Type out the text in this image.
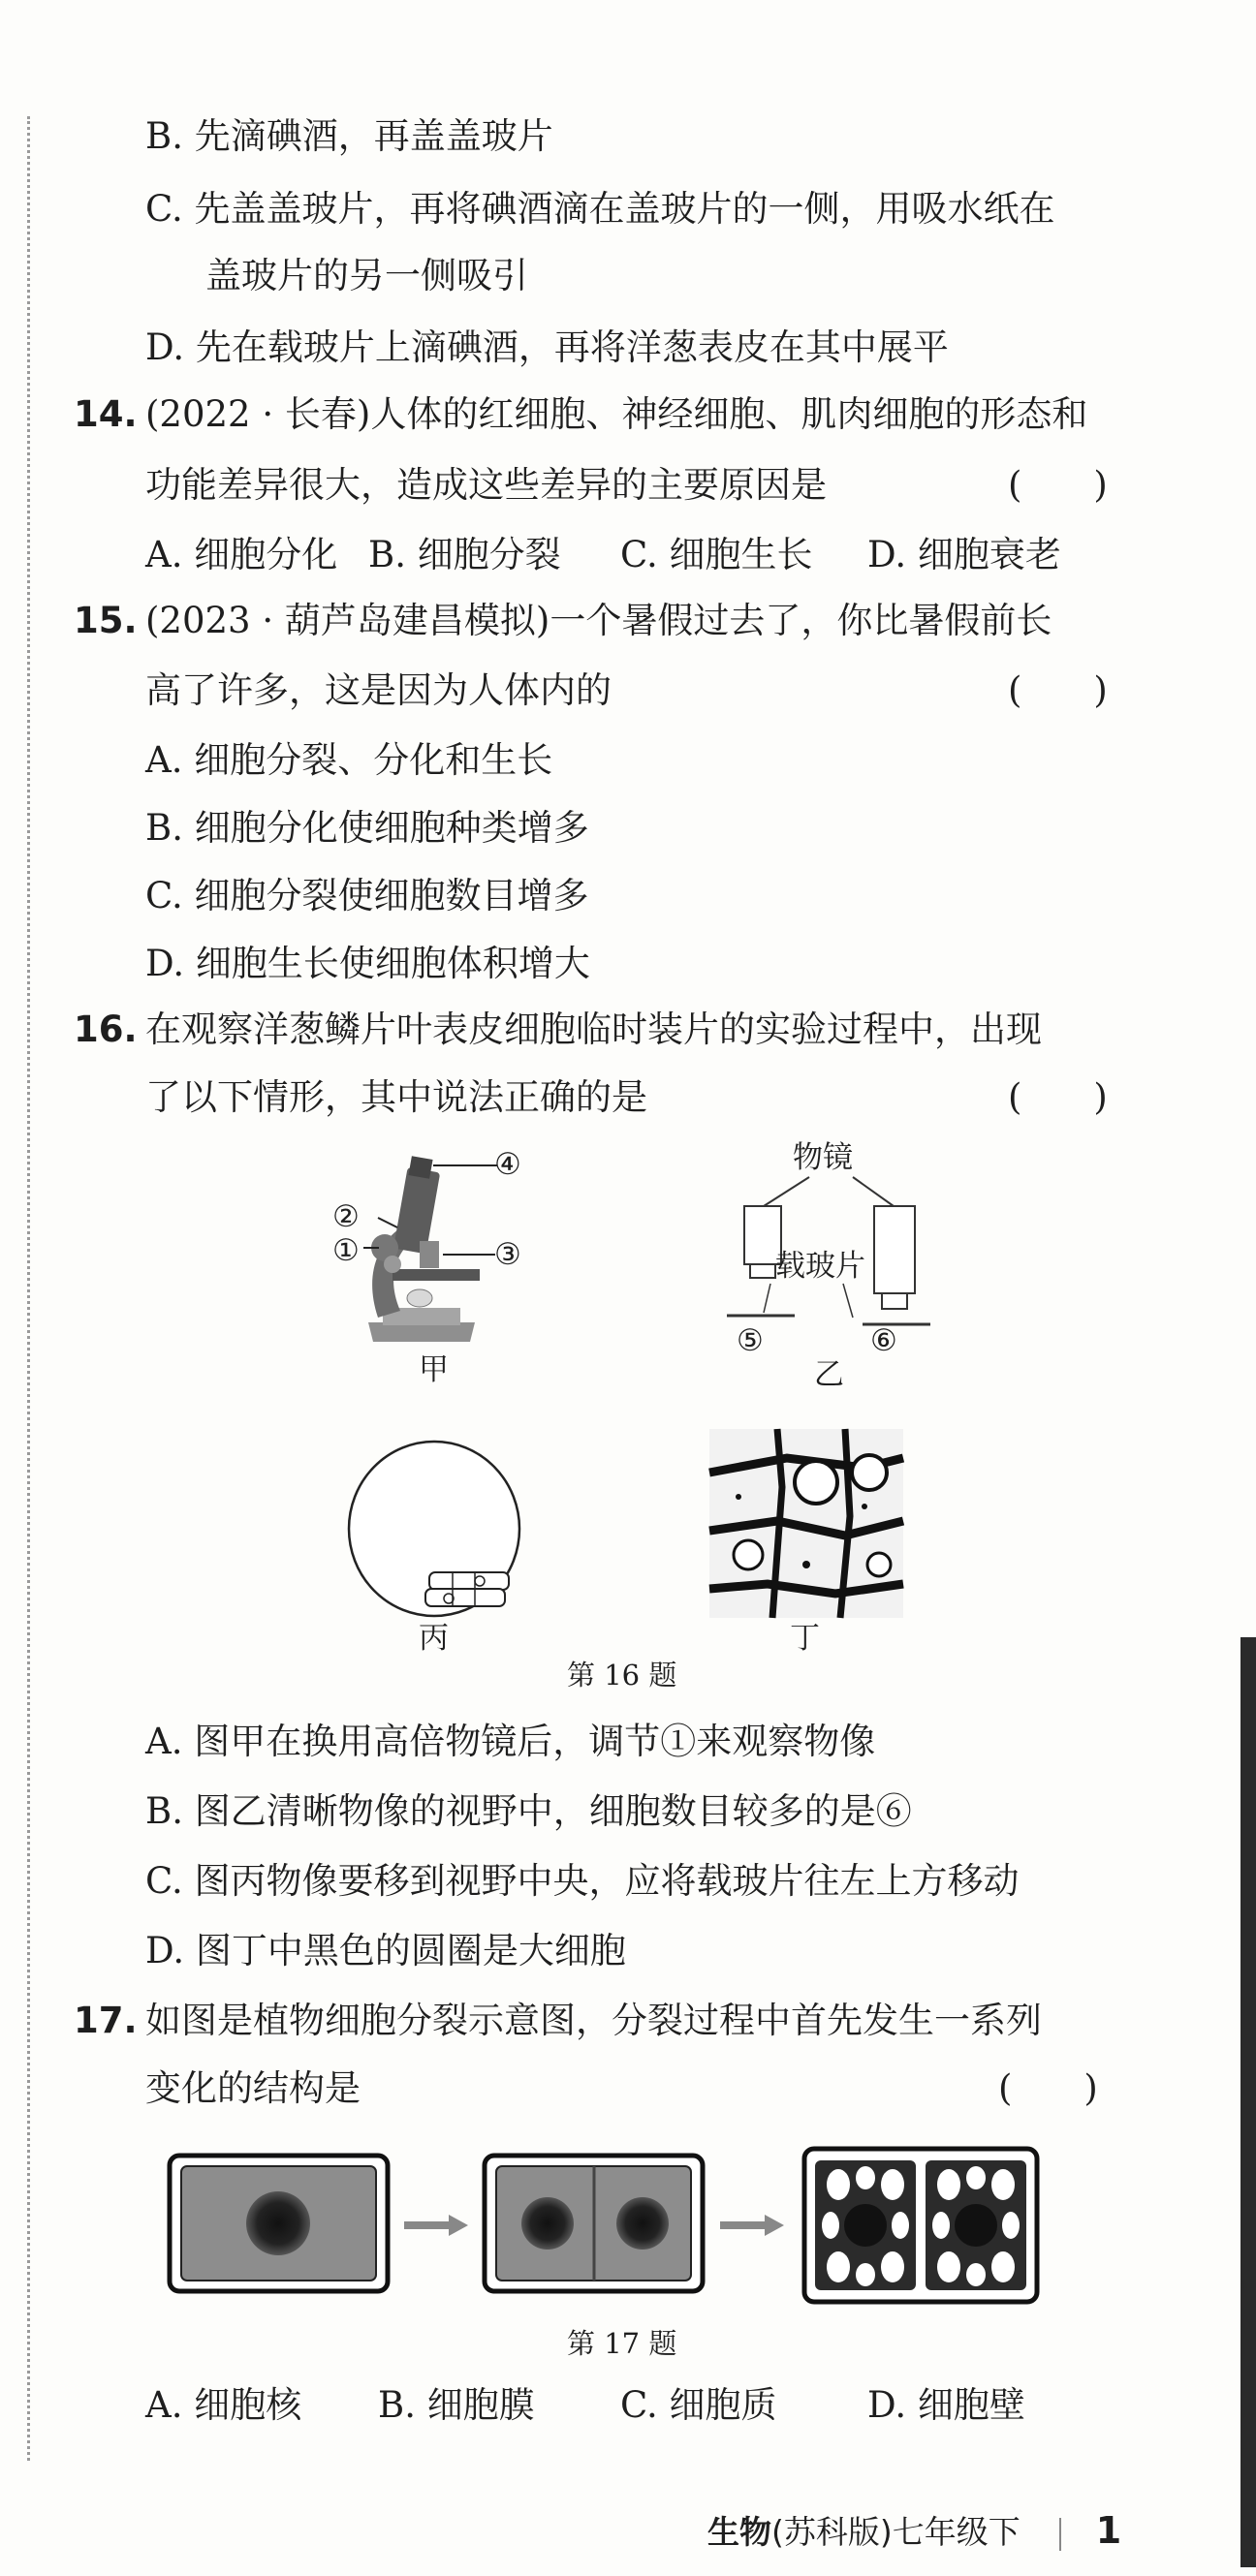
B. 先滴碘酒，再盖盖玻片
C. 先盖盖玻片，再将碘酒滴在盖玻片的一侧，用吸水纸在
盖玻片的另一侧吸引
D. 先在载玻片上滴碘酒，再将洋葱表皮在其中展平
14. (2022 · 长春)人体的红细胞、神经细胞、肌肉细胞的形态和
功能差异很大，造成这些差异的主要原因是	(　　)
A. 细胞分化 B. 细胞分裂 C. 细胞生长 D. 细胞衰老
15. (2023 · 葫芦岛建昌模拟)一个暑假过去了，你比暑假前长
高了许多，这是因为人体内的	(　　)
A. 细胞分裂、分化和生长
B. 细胞分化使细胞种类增多
C. 细胞分裂使细胞数目增多
D. 细胞生长使细胞体积增大
16. 在观察洋葱鳞片叶表皮细胞临时装片的实验过程中，出现
了以下情形，其中说法正确的是	(　　)
④
②
①	③
甲
物镜
载玻片
⑤	⑥
乙
丙	丁
第 16 题
A. 图甲在换用高倍物镜后，调节①来观察物像
B. 图乙清晰物像的视野中，细胞数目较多的是⑥
C. 图丙物像要移到视野中央，应将载玻片往左上方移动
D. 图丁中黑色的圆圈是大细胞
17. 如图是植物细胞分裂示意图，分裂过程中首先发生一系列
变化的结构是	(　　)
第 17 题
A. 细胞核 B. 细胞膜 C. 细胞质	D. 细胞壁
生物(苏科版)七年级下 1
